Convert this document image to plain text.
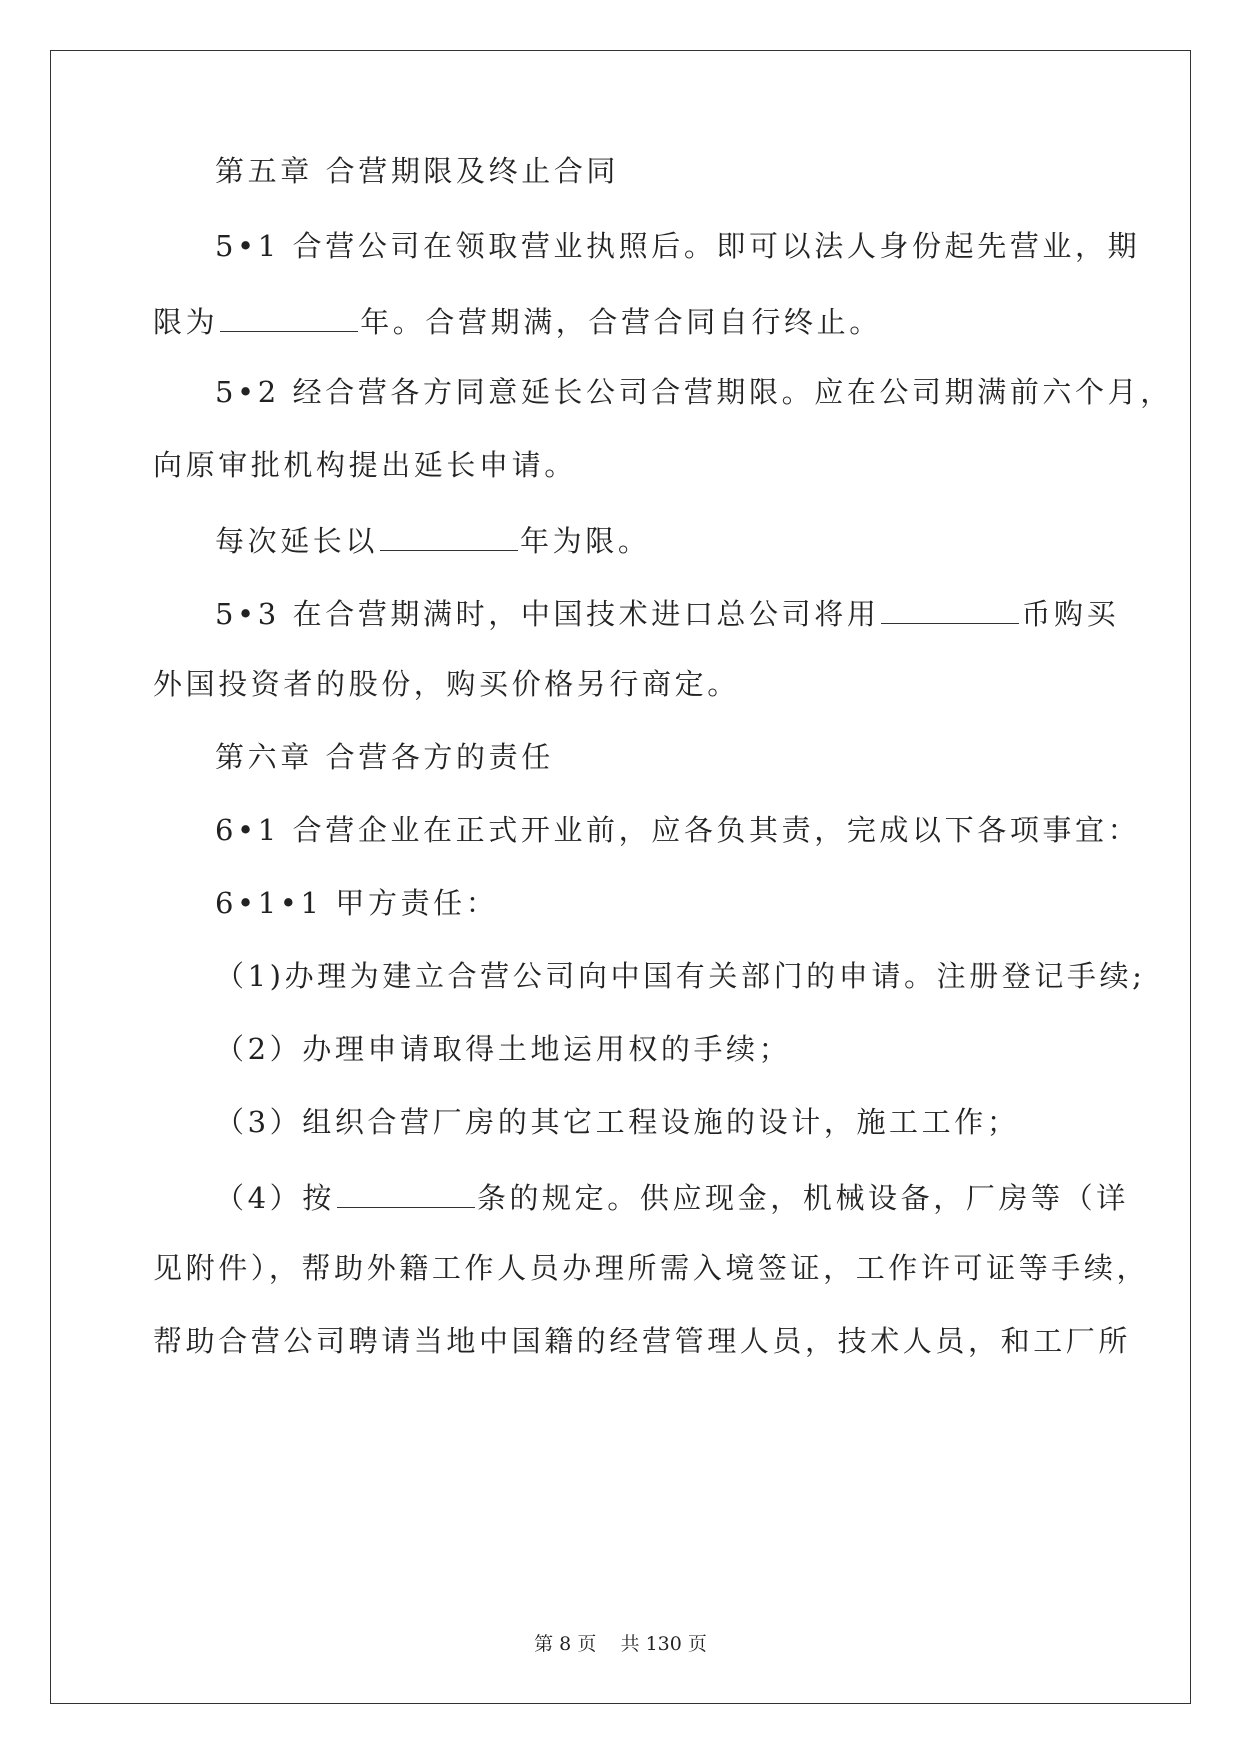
第五章 合营期限及终止合同
5•1 合营公司在领取营业执照后。即可以法人身份起先营业，期
限为	年。合营期满，合营合同自行终止。
5•2 经合营各方同意延长公司合营期限。应在公司期满前六个月，
向原审批机构提出延长申请。
每次延长以	年为限。
5•3 在合营期满时，中国技术进口总公司将用	币购买
外国投资者的股份，购买价格另行商定。
第六章 合营各方的责任
6•1 合营企业在正式开业前，应各负其责，完成以下各项事宜：
6•1•1 甲方责任：
（1)办理为建立合营公司向中国有关部门的申请。注册登记手续;
（2）办理申请取得土地运用权的手续；
（3）组织合营厂房的其它工程设施的设计，施工工作；
（4）按	条的规定。供应现金，机械设备，厂房等（详
见附件），帮助外籍工作人员办理所需入境签证，工作许可证等手续，
帮助合营公司聘请当地中国籍的经营管理人员，技术人员，和工厂所
第 8 页 共 130 页
